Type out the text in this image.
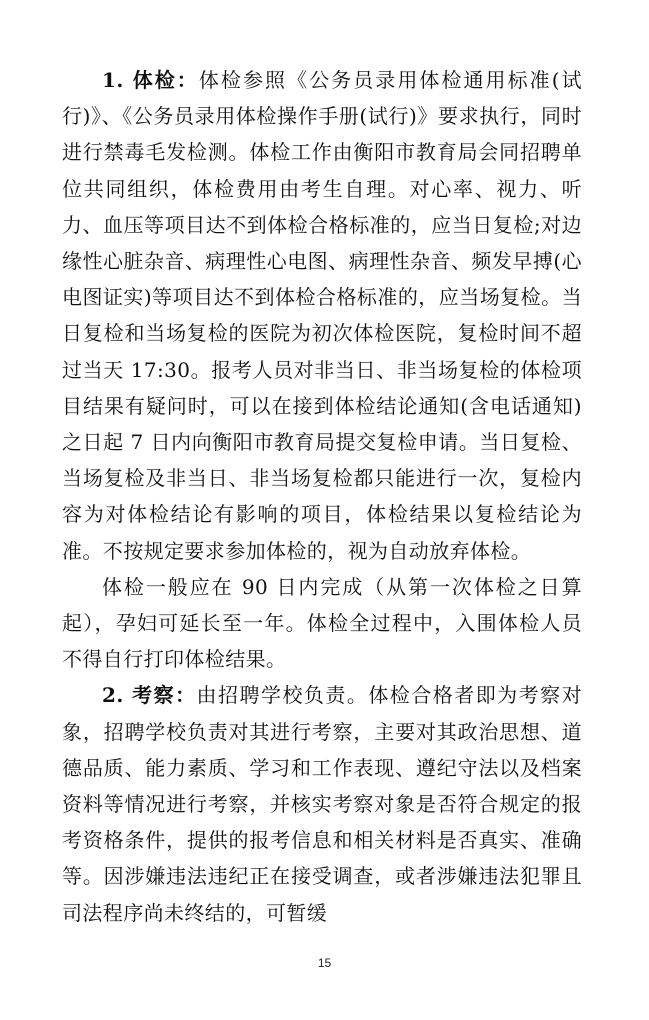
1. 体检：体检参照《公务员录用体检通用标准(试行)》、《公务员录用体检操作手册(试行)》要求执行，同时进行禁毒毛发检测。体检工作由衡阳市教育局会同招聘单位共同组织，体检费用由考生自理。对心率、视力、听力、血压等项目达不到体检合格标准的，应当日复检;对边缘性心脏杂音、病理性心电图、病理性杂音、频发早搏(心电图证实)等项目达不到体检合格标准的，应当场复检。当日复检和当场复检的医院为初次体检医院，复检时间不超过当天 17:30。报考人员对非当日、非当场复检的体检项目结果有疑问时，可以在接到体检结论通知(含电话通知)之日起 7 日内向衡阳市教育局提交复检申请。当日复检、当场复检及非当日、非当场复检都只能进行一次，复检内容为对体检结论有影响的项目，体检结果以复检结论为准。不按规定要求参加体检的，视为自动放弃体检。

体检一般应在 90 日内完成（从第一次体检之日算起），孕妇可延长至一年。体检全过程中，入围体检人员不得自行打印体检结果。

2. 考察：由招聘学校负责。体检合格者即为考察对象，招聘学校负责对其进行考察，主要对其政治思想、道德品质、能力素质、学习和工作表现、遵纪守法以及档案资料等情况进行考察，并核实考察对象是否符合规定的报考资格条件，提供的报考信息和相关材料是否真实、准确等。因涉嫌违法违纪正在接受调查，或者涉嫌违法犯罪且司法程序尚未终结的，可暂缓

15
